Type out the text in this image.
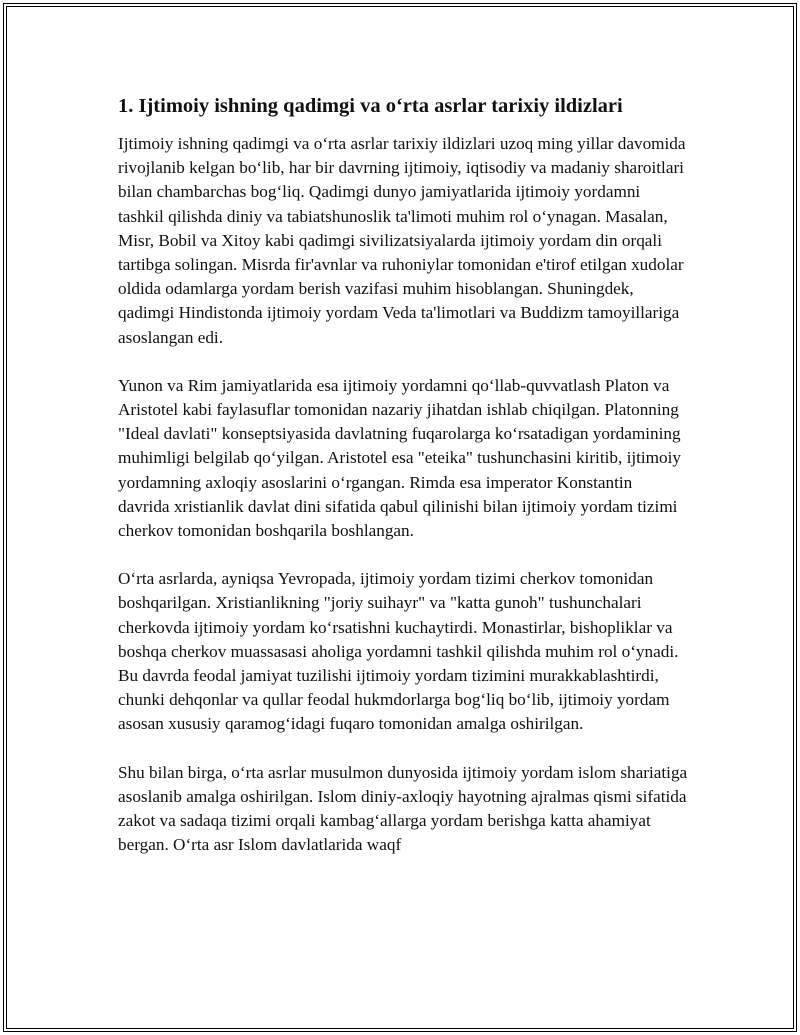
1. Ijtimoiy ishning qadimgi va o‘rta asrlar tarixiy ildizlari

Ijtimoiy ishning qadimgi va o‘rta asrlar tarixiy ildizlari uzoq ming yillar davomida rivojlanib kelgan bo‘lib, har bir davrning ijtimoiy, iqtisodiy va madaniy sharoitlari bilan chambarchas bog‘liq. Qadimgi dunyo jamiyatlarida ijtimoiy yordamni tashkil qilishda diniy va tabiatshunoslik ta'limoti muhim rol o‘ynagan. Masalan, Misr, Bobil va Xitoy kabi qadimgi sivilizatsiyalarda ijtimoiy yordam din orqali tartibga solingan. Misrda fir'avnlar va ruhoniylar tomonidan e'tirof etilgan xudolar oldida odamlarga yordam berish vazifasi muhim hisoblangan. Shuningdek, qadimgi Hindistonda ijtimoiy yordam Veda ta'limotlari va Buddizm tamoyillariga asoslangan edi.

Yunon va Rim jamiyatlarida esa ijtimoiy yordamni qo‘llab-quvvatlash Platon va Aristotel kabi faylasuflar tomonidan nazariy jihatdan ishlab chiqilgan. Platonning "Ideal davlati" konseptsiyasida davlatning fuqarolarga ko‘rsatadigan yordamining muhimligi belgilab qo‘yilgan. Aristotel esa "eteika" tushunchasini kiritib, ijtimoiy yordamning axloqiy asoslarini o‘rgangan. Rimda esa imperator Konstantin davrida xristianlik davlat dini sifatida qabul qilinishi bilan ijtimoiy yordam tizimi cherkov tomonidan boshqarila boshlangan.

O‘rta asrlarda, ayniqsa Yevropada, ijtimoiy yordam tizimi cherkov tomonidan boshqarilgan. Xristianlikning "joriy suihayr" va "katta gunoh" tushunchalari cherkovda ijtimoiy yordam ko‘rsatishni kuchaytirdi. Monastirlar, bishopliklar va boshqa cherkov muassasasi aholiga yordamni tashkil qilishda muhim rol o‘ynadi. Bu davrda feodal jamiyat tuzilishi ijtimoiy yordam tizimini murakkablashtirdi, chunki dehqonlar va qullar feodal hukmdorlarga bog‘liq bo‘lib, ijtimoiy yordam asosan xususiy qaramog‘idagi fuqaro tomonidan amalga oshirilgan.

Shu bilan birga, o‘rta asrlar musulmon dunyosida ijtimoiy yordam islom shariatiga asoslanib amalga oshirilgan. Islom diniy-axloqiy hayotning ajralmas qismi sifatida zakot va sadaqa tizimi orqali kambag‘allarga yordam berishga katta ahamiyat bergan. O‘rta asr Islom davlatlarida waqf
